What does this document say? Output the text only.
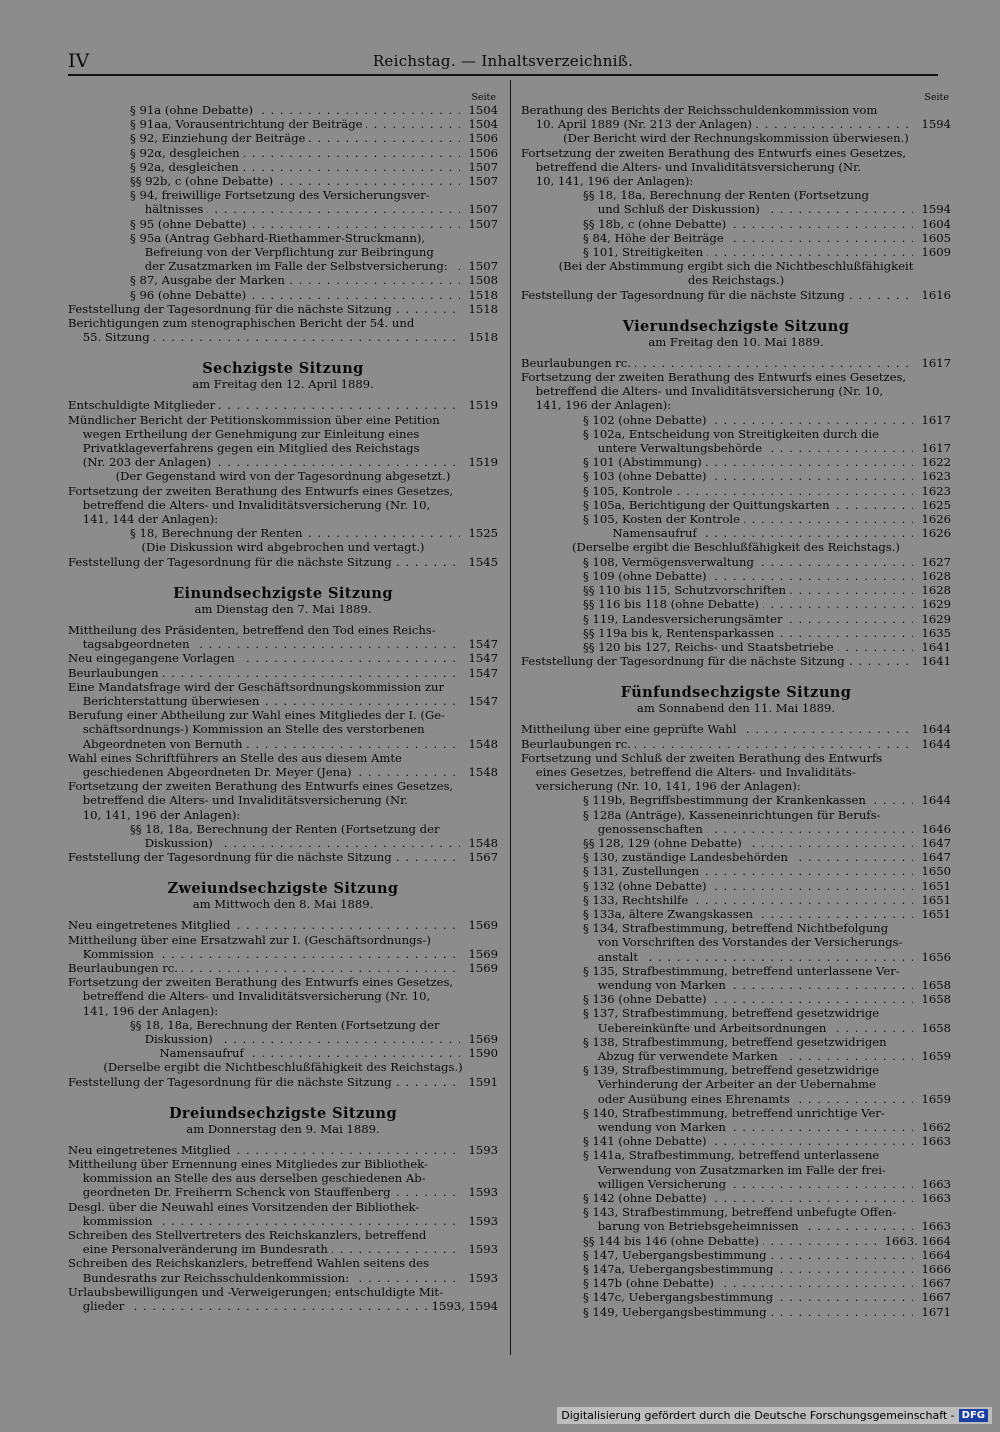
IV	Reichstag. — Inhaltsverzeichniß.
Seite
§ 91a (ohne Debatte) . . .	1504
§ 91aa, Vorausentrichtung der Beiträge . . .	1504
§ 92, Einziehung der Beiträge . . .	1506
§ 92α, desgleichen . . .	1506
§ 92a, desgleichen . . .	1507
§§ 92b, c (ohne Debatte) . . .	1507
§ 94, freiwillige Fortsetzung des Versicherungsver-
hältnisses . . .	1507
§ 95 (ohne Debatte) . . .	1507
§ 95a (Antrag Gebhard-Riethammer-Struckmann),
Befreiung von der Verpflichtung zur Beibringung
der Zusatzmarken im Falle der Selbstversicherung: . . .	1507
§ 87, Ausgabe der Marken . . .	1508
§ 96 (ohne Debatte) . . .	1518
Feststellung der Tagesordnung für die nächste Sitzung . . .	1518
Berichtigungen zum stenographischen Bericht der 54. und
55. Sitzung . . .	1518
Sechzigste Sitzung
am Freitag den 12. April 1889.
Entschuldigte Mitglieder . . .	1519
Mündlicher Bericht der Petitionskommission über eine Petition
wegen Ertheilung der Genehmigung zur Einleitung eines
Privatklageverfahrens gegen ein Mitglied des Reichstags
(Nr. 203 der Anlagen) . . .	1519
(Der Gegenstand wird von der Tagesordnung abgesetzt.)
Fortsetzung der zweiten Berathung des Entwurfs eines Gesetzes,
betreffend die Alters- und Invaliditätsversicherung (Nr. 10,
141, 144 der Anlagen):
§ 18, Berechnung der Renten . . .	1525
(Die Diskussion wird abgebrochen und vertagt.)
Feststellung der Tagesordnung für die nächste Sitzung . . .	1545
Einundsechzigste Sitzung
am Dienstag den 7. Mai 1889.
Mittheilung des Präsidenten, betreffend den Tod eines Reichs-
tagsabgeordneten . . .	1547
Neu eingegangene Vorlagen . . .	1547
Beurlaubungen . . .	1547
Eine Mandatsfrage wird der Geschäftsordnungskommission zur
Berichterstattung überwiesen . . .	1547
Berufung einer Abtheilung zur Wahl eines Mitgliedes der I. (Ge-
schäftsordnungs-) Kommission an Stelle des verstorbenen
Abgeordneten von Bernuth . . .	1548
Wahl eines Schriftführers an Stelle des aus diesem Amte
geschiedenen Abgeordneten Dr. Meyer (Jena) . . .	1548
Fortsetzung der zweiten Berathung des Entwurfs eines Gesetzes,
betreffend die Alters- und Invaliditätsversicherung (Nr.
10, 141, 196 der Anlagen):
§§ 18, 18a, Berechnung der Renten (Fortsetzung der
Diskussion) . . .	1548
Feststellung der Tagesordnung für die nächste Sitzung . . .	1567
Zweiundsechzigste Sitzung
am Mittwoch den 8. Mai 1889.
Neu eingetretenes Mitglied . . .	1569
Mittheilung über eine Ersatzwahl zur I. (Geschäftsordnungs-)
Kommission . . .	1569
Beurlaubungen rc. . . .	1569
Fortsetzung der zweiten Berathung des Entwurfs eines Gesetzes,
betreffend die Alters- und Invaliditätsversicherung (Nr. 10,
141, 196 der Anlagen):
§§ 18, 18a, Berechnung der Renten (Fortsetzung der
Diskussion) . . .	1569
Namensaufruf . . .	1590
(Derselbe ergibt die Nichtbeschlußfähigkeit des Reichstags.)
Feststellung der Tagesordnung für die nächste Sitzung . . .	1591
Dreiundsechzigste Sitzung
am Donnerstag den 9. Mai 1889.
Neu eingetretenes Mitglied . . .	1593
Mittheilung über Ernennung eines Mitgliedes zur Bibliothek-
kommission an Stelle des aus derselben geschiedenen Ab-
geordneten Dr. Freiherrn Schenck von Stauffenberg . . .	1593
Desgl. über die Neuwahl eines Vorsitzenden der Bibliothek-
kommission . . .	1593
Schreiben des Stellvertreters des Reichskanzlers, betreffend
eine Personalveränderung im Bundesrath . . .	1593
Schreiben des Reichskanzlers, betreffend Wahlen seitens des
Bundesraths zur Reichsschuldenkommission: . . .	1593
Urlaubsbewilligungen und -Verweigerungen; entschuldigte Mit-
glieder . . .	1593, 1594
Seite
Berathung des Berichts der Reichsschuldenkommission vom
10. April 1889 (Nr. 213 der Anlagen) . . .	1594
(Der Bericht wird der Rechnungskommission überwiesen.)
Fortsetzung der zweiten Berathung des Entwurfs eines Gesetzes,
betreffend die Alters- und Invaliditätsversicherung (Nr.
10, 141, 196 der Anlagen):
§§ 18, 18a, Berechnung der Renten (Fortsetzung
und Schluß der Diskussion) . . .	1594
§§ 18b, c (ohne Debatte) . . .	1604
§ 84, Höhe der Beiträge . . .	1605
§ 101, Streitigkeiten . . .	1609
(Bei der Abstimmung ergibt sich die Nichtbeschlußfähigkeit
des Reichstags.)
Feststellung der Tagesordnung für die nächste Sitzung . . .	1616
Vierundsechzigste Sitzung
am Freitag den 10. Mai 1889.
Beurlaubungen rc. . . .	1617
Fortsetzung der zweiten Berathung des Entwurfs eines Gesetzes,
betreffend die Alters- und Invaliditätsversicherung (Nr. 10,
141, 196 der Anlagen):
§ 102 (ohne Debatte) . . .	1617
§ 102a, Entscheidung von Streitigkeiten durch die
untere Verwaltungsbehörde . . .	1617
§ 101 (Abstimmung) . . .	1622
§ 103 (ohne Debatte) . . .	1623
§ 105, Kontrole . . .	1623
§ 105a, Berichtigung der Quittungskarten . . .	1625
§ 105, Kosten der Kontrole . . .	1626
Namensaufruf . . .	1626
(Derselbe ergibt die Beschlußfähigkeit des Reichstags.)
§ 108, Vermögensverwaltung . . .	1627
§ 109 (ohne Debatte) . . .	1628
§§ 110 bis 115, Schutzvorschriften . . .	1628
§§ 116 bis 118 (ohne Debatte) . . .	1629
§ 119, Landesversicherungsämter . . .	1629
§§ 119a bis k, Rentensparkassen . . .	1635
§§ 120 bis 127, Reichs- und Staatsbetriebe . . .	1641
Feststellung der Tagesordnung für die nächste Sitzung . . .	1641
Fünfundsechzigste Sitzung
am Sonnabend den 11. Mai 1889.
Mittheilung über eine geprüfte Wahl . . .	1644
Beurlaubungen rc. . . .	1644
Fortsetzung und Schluß der zweiten Berathung des Entwurfs
eines Gesetzes, betreffend die Alters- und Invaliditäts-
versicherung (Nr. 10, 141, 196 der Anlagen):
§ 119b, Begriffsbestimmung der Krankenkassen . . .	1644
§ 128a (Anträge), Kasseneinrichtungen für Berufs-
genossenschaften . . .	1646
§§ 128, 129 (ohne Debatte) . . .	1647
§ 130, zuständige Landesbehörden . . .	1647
§ 131, Zustellungen . . .	1650
§ 132 (ohne Debatte) . . .	1651
§ 133, Rechtshilfe . . .	1651
§ 133a, ältere Zwangskassen . . .	1651
§ 134, Strafbestimmung, betreffend Nichtbefolgung
von Vorschriften des Vorstandes der Versicherungs-
anstalt . . .	1656
§ 135, Strafbestimmung, betreffend unterlassene Ver-
wendung von Marken . . .	1658
§ 136 (ohne Debatte) . . .	1658
§ 137, Strafbestimmung, betreffend gesetzwidrige
Uebereinkünfte und Arbeitsordnungen . . .	1658
§ 138, Strafbestimmung, betreffend gesetzwidrigen
Abzug für verwendete Marken . . .	1659
§ 139, Strafbestimmung, betreffend gesetzwidrige
Verhinderung der Arbeiter an der Uebernahme
oder Ausübung eines Ehrenamts . . .	1659
§ 140, Strafbestimmung, betreffend unrichtige Ver-
wendung von Marken . . .	1662
§ 141 (ohne Debatte) . . .	1663
§ 141a, Strafbestimmung, betreffend unterlassene
Verwendung von Zusatzmarken im Falle der frei-
willigen Versicherung . . .	1663
§ 142 (ohne Debatte) . . .	1663
§ 143, Strafbestimmung, betreffend unbefugte Offen-
barung von Betriebsgeheimnissen . . .	1663
§§ 144 bis 146 (ohne Debatte) . . .	1663. 1664
§ 147, Uebergangsbestimmung . . .	1664
§ 147a, Uebergangsbestimmung . . .	1666
§ 147b (ohne Debatte) . . .	1667
§ 147c, Uebergangsbestimmung . . .	1667
§ 149, Uebergangsbestimmung . . .	1671
Digitalisierung gefördert durch die Deutsche Forschungsgemeinschaft - DFG
